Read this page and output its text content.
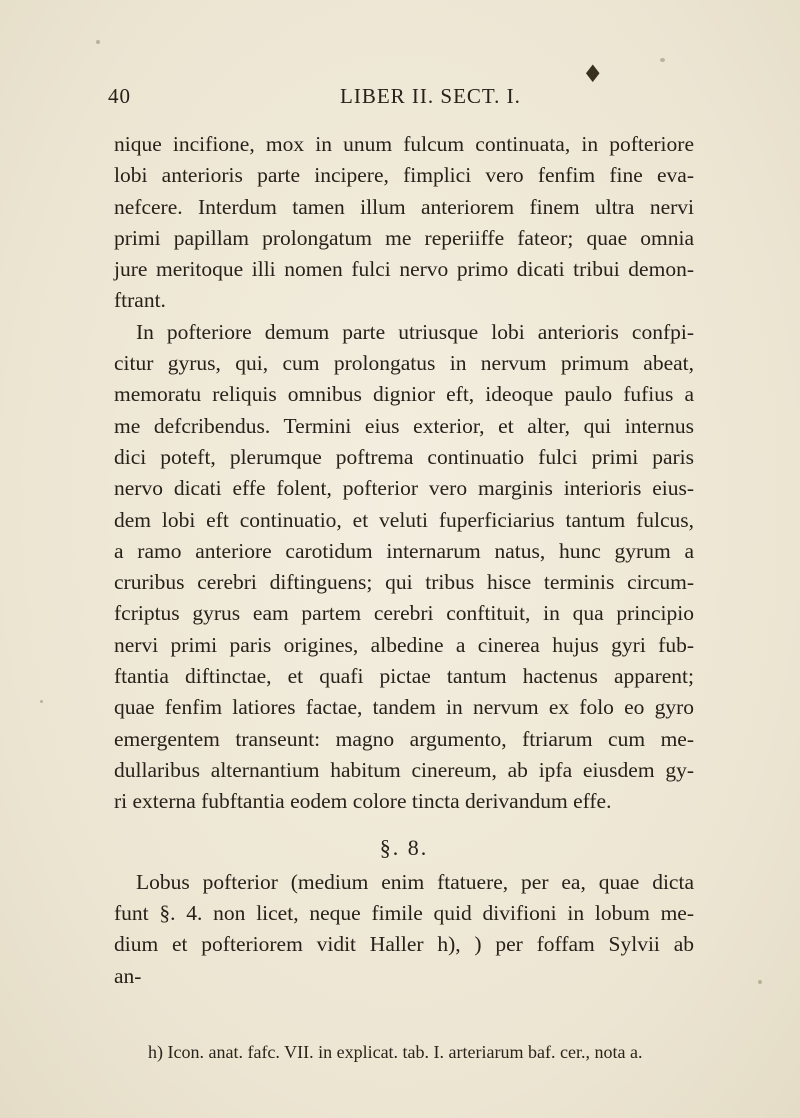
40	LIBER II. SECT. I.
♦

nique incifione, mox in unum fulcum continuata, in pofteriore

lobi anterioris parte incipere, fimplici vero fenfim fine eva-

nefcere. Interdum tamen illum anteriorem finem ultra nervi

primi papillam prolongatum me reperiiffe fateor; quae omnia

jure meritoque illi nomen fulci nervo primo dicati tribui demon-

ftrant.

In pofteriore demum parte utriusque lobi anterioris confpi-

citur gyrus, qui, cum prolongatus in nervum primum abeat,

memoratu reliquis omnibus dignior eft, ideoque paulo fufius a

me defcribendus. Termini eius exterior, et alter, qui internus

dici poteft, plerumque poftrema continuatio fulci primi paris

nervo dicati effe folent, pofterior vero marginis interioris eius-

dem lobi eft continuatio, et veluti fuperficiarius tantum fulcus,

a ramo anteriore carotidum internarum natus, hunc gyrum a

cruribus cerebri diftinguens; qui tribus hisce terminis circum-

fcriptus gyrus eam partem cerebri conftituit, in qua principio

nervi primi paris origines, albedine a cinerea hujus gyri fub-

ftantia diftinctae, et quafi pictae tantum hactenus apparent;

quae fenfim latiores factae, tandem in nervum ex folo eo gyro

emergentem transeunt: magno argumento, ftriarum cum me-

dullaribus alternantium habitum cinereum, ab ipfa eiusdem gy-

ri externa fubftantia eodem colore tincta derivandum effe.

§. 8.

Lobus pofterior (medium enim ftatuere, per ea, quae dicta

funt §. 4. non licet, neque fimile quid divifioni in lobum me-

dium et pofteriorem vidit Haller h), ) per foffam Sylvii ab

an-

h) Icon. anat. fafc. VII. in explicat. tab. I. arteriarum baf. cer., nota a.
